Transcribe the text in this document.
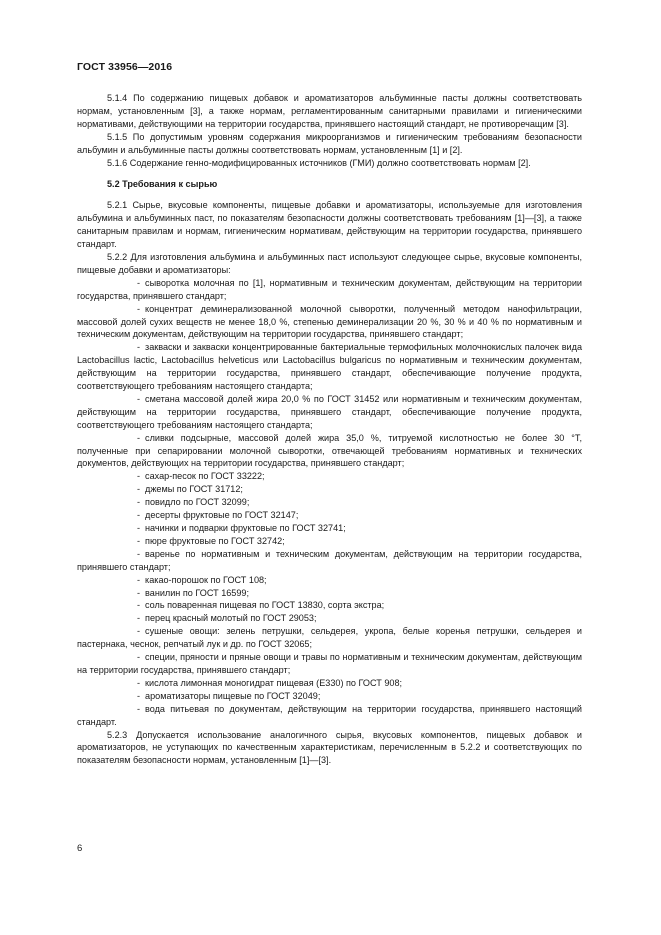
ГОСТ 33956—2016

5.1.4 По содержанию пищевых добавок и ароматизаторов альбуминные пасты должны соответствовать нормам, установленным [3], а также нормам, регламентированным санитарными правилами и гигиеническими нормативами, действующими на территории государства, принявшего настоящий стандарт, не противоречащим [3].

5.1.5 По допустимым уровням содержания микроорганизмов и гигиеническим требованиям безопасности альбумин и альбуминные пасты должны соответствовать нормам, установленным [1] и [2].

5.1.6 Содержание генно-модифицированных источников (ГМИ) должно соответствовать нормам [2].

5.2 Требования к сырью

5.2.1 Сырье, вкусовые компоненты, пищевые добавки и ароматизаторы, используемые для изготовления альбумина и альбуминных паст, по показателям безопасности должны соответствовать требованиям [1]—[3], а также санитарным правилам и нормам, гигиеническим нормативам, действующим на территории государства, принявшего стандарт.

5.2.2 Для изготовления альбумина и альбуминных паст используют следующее сырье, вкусовые компоненты, пищевые добавки и ароматизаторы:

- сыворотка молочная по [1], нормативным и техническим документам, действующим на территории государства, принявшего стандарт;

- концентрат деминерализованной молочной сыворотки, полученный методом нанофильтрации, массовой долей сухих веществ не менее 18,0 %, степенью деминерализации 20 %, 30 % и 40 % по нормативным и техническим документам, действующим на территории государства, принявшего стандарт;

- закваски и закваски концентрированные бактериальные термофильных молочнокислых палочек вида Lactobacillus lactic, Lactobacillus helveticus или Lactobacillus bulgaricus по нормативным и техническим документам, действующим на территории государства, принявшего стандарт, обеспечивающие получение продукта, соответствующего требованиям настоящего стандарта;

- сметана массовой долей жира 20,0 % по ГОСТ 31452 или нормативным и техническим документам, действующим на территории государства, принявшего стандарт, обеспечивающие получение продукта, соответствующего требованиям настоящего стандарта;

- сливки подсырные, массовой долей жира 35,0 %, титруемой кислотностью не более 30 °Т, полученные при сепарировании молочной сыворотки, отвечающей требованиям нормативных и технических документов, действующих на территории государства, принявшего стандарт;

- сахар-песок по ГОСТ 33222;

- джемы по ГОСТ 31712;

- повидло по ГОСТ 32099;

- десерты фруктовые по ГОСТ 32147;

- начинки и подварки фруктовые по ГОСТ 32741;

- пюре фруктовые по ГОСТ 32742;

- варенье по нормативным и техническим документам, действующим на территории государства, принявшего стандарт;

- какао-порошок по ГОСТ 108;

- ванилин по ГОСТ 16599;

- соль поваренная пищевая по ГОСТ 13830, сорта экстра;

- перец красный молотый по ГОСТ 29053;

- сушеные овощи: зелень петрушки, сельдерея, укропа, белые коренья петрушки, сельдерея и пастернака, чеснок, репчатый лук и др. по ГОСТ 32065;

- специи, пряности и пряные овощи и травы по нормативным и техническим документам, действующим на территории государства, принявшего стандарт;

- кислота лимонная моногидрат пищевая (Е330) по ГОСТ 908;

- ароматизаторы пищевые по ГОСТ 32049;

- вода питьевая по документам, действующим на территории государства, принявшего настоящий стандарт.

5.2.3 Допускается использование аналогичного сырья, вкусовых компонентов, пищевых добавок и ароматизаторов, не уступающих по качественным характеристикам, перечисленным в 5.2.2 и соответствующих по показателям безопасности нормам, установленным [1]—[3].

6
